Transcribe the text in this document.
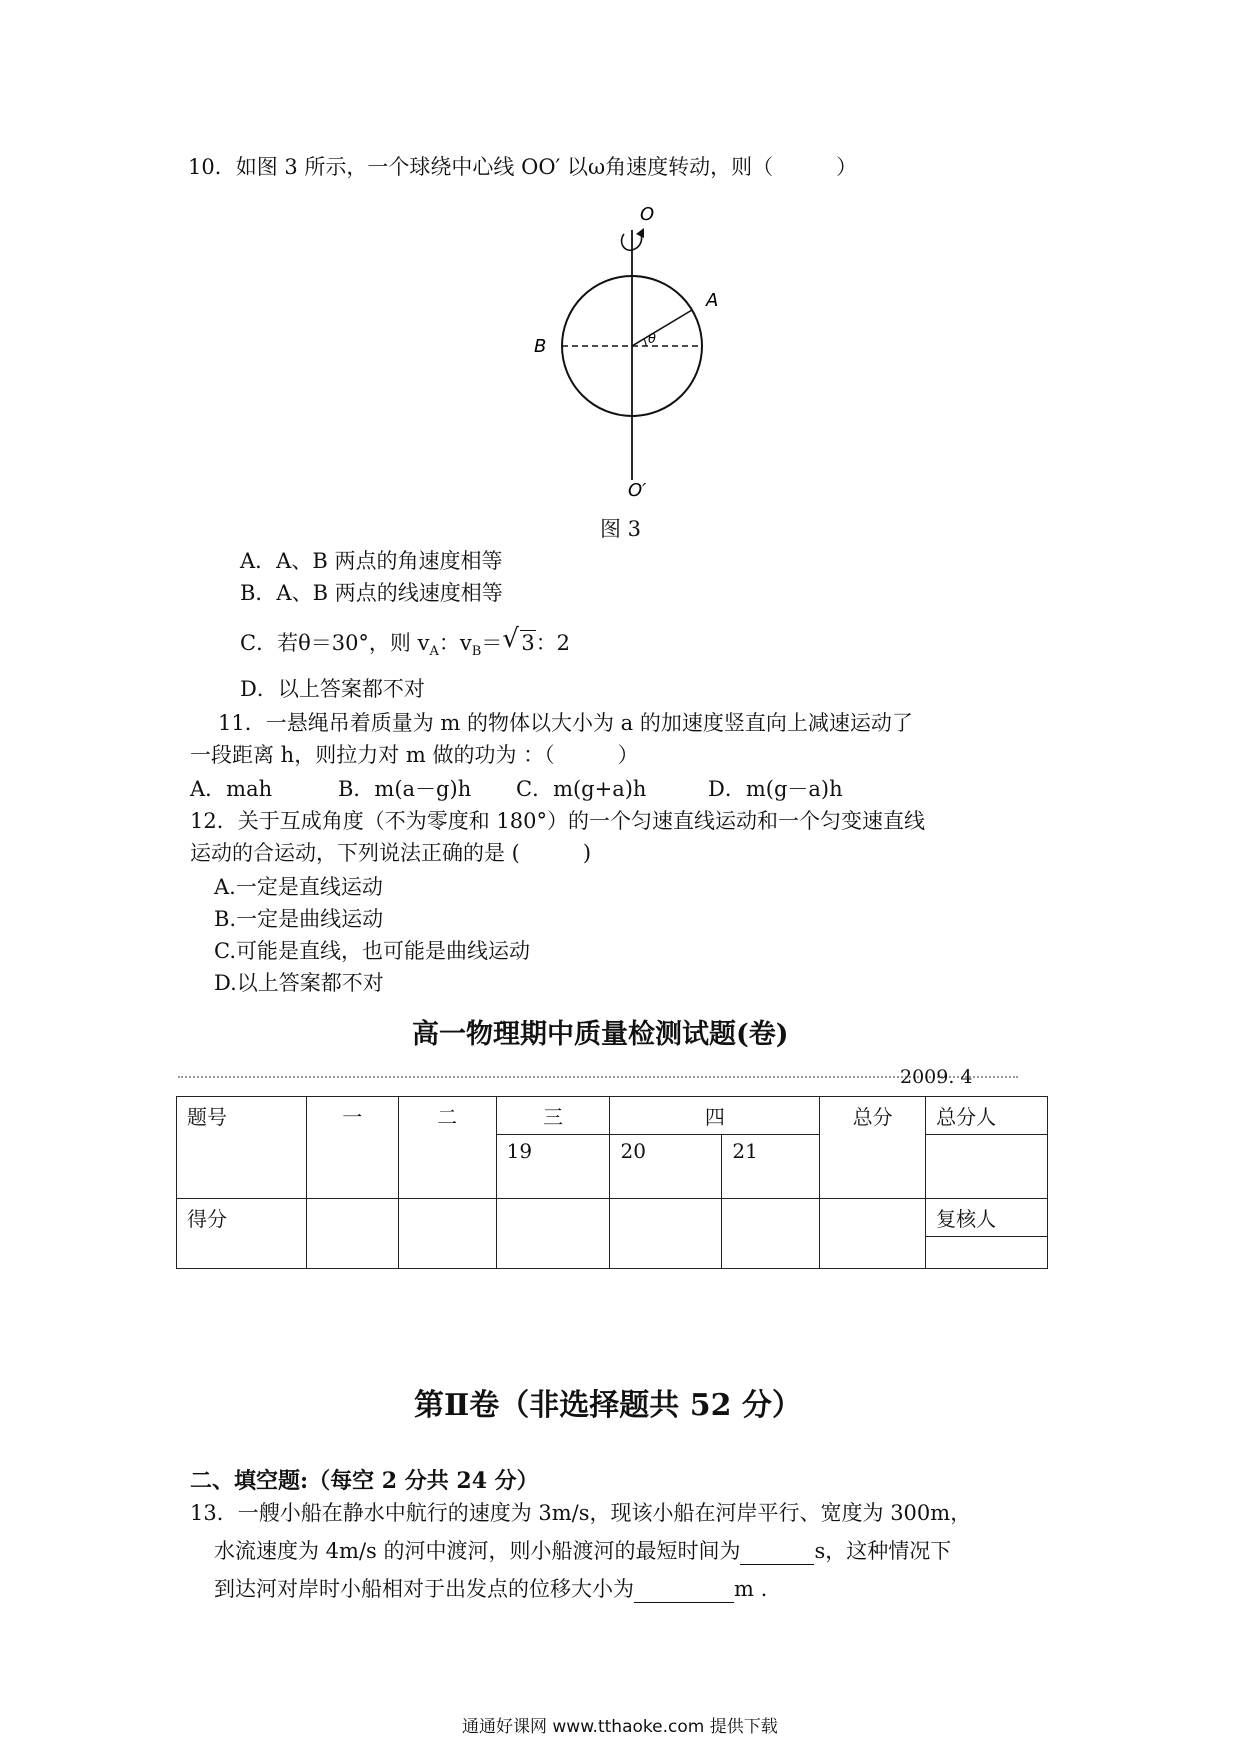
10．如图 3 所示，一个球绕中心线 OO′ 以ω角速度转动，则（　　　）
O
O′
A
B	θ
图 3
A．A、B 两点的角速度相等
B．A、B 两点的线速度相等
C．若θ＝30°，则 $v_A$：$v_B=$ √ 3：2
D．以上答案都不对
11．一悬绳吊着质量为 m 的物体以大小为 a 的加速度竖直向上减速运动了
一段距离 h，则拉力对 m 做的功为 ：（　　　）
A．mah	B．m(a－g)h C．m(g+a)h	D．m(g－a)h
12．关于互成角度（不为零度和 180°）的一个匀速直线运动和一个匀变速直线
运动的合运动，下列说法正确的是 (　　　)
A.一定是直线运动
B.一定是曲线运动
C.可能是直线，也可能是曲线运动
D.以上答案都不对
高一物理期中质量检测试题(卷)
2009. 4
题号	一	二	三	四		总分	总分人
			19	20	21		
得分							复核人

第Ⅱ卷（非选择题共 52 分）
二、填空题:（每空 2 分共 24 分）
13．一艘小船在静水中航行的速度为 3m/s，现该小船在河岸平行、宽度为 300m，
水流速度为 4m/s 的河中渡河，则小船渡河的最短时间为	s，这种情况下
到达河对岸时小船相对于出发点的位移大小为	m .
通通好课网 www.tthaoke.com 提供下载
